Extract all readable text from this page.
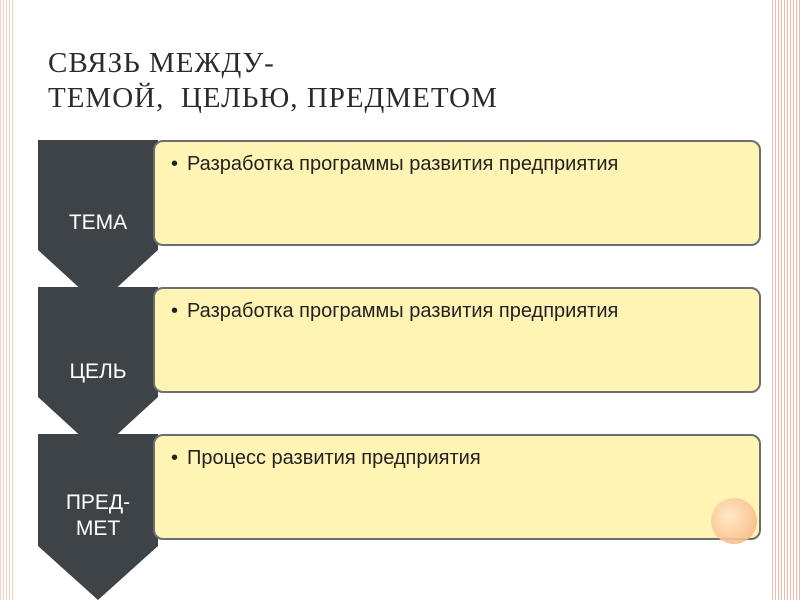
СВЯЗЬ МЕЖДУ-
ТЕМОЙ,  ЦЕЛЬЮ, ПРЕДМЕТОМ
ТЕМА
• Разработка программы развития предприятия
ЦЕЛЬ
• Разработка программы развития предприятия
ПРЕД-
МЕТ
• Процесс развития предприятия
